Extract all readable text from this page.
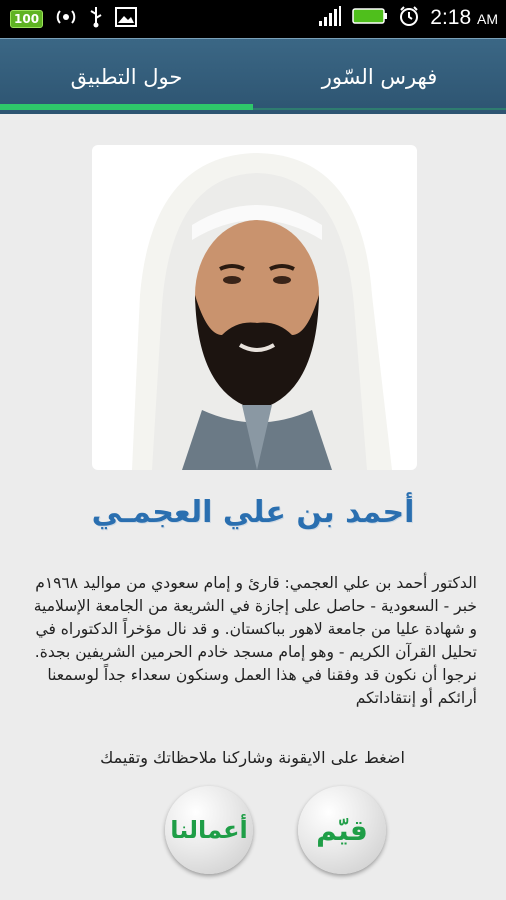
100	2:18 AM
حول التطبيق	فهرس السّور
أحمد بن علي العجمـي
الدكتور أحمد بن علي العجمي: قارئ و إمام سعودي من مواليد ١٩٦٨م خبر - السعودية - حاصل على إجازة في الشريعة من الجامعة الإسلامية و شهادة عليا من جامعة لاهور بباكستان. و قد نال مؤخراً الدكتوراه في تحليل القرآن الكريم - وهو إمام مسجد خادم الحرمين الشريفين بجدة. نرجوا أن نكون قد وفقنا في هذا العمل وسنكون سعداء جداً لوسمعنا أرائكم أو إنتقاداتكم
اضغط على الايقونة وشاركنا ملاحظاتك وتقيمك
أعمالنا قيّم
